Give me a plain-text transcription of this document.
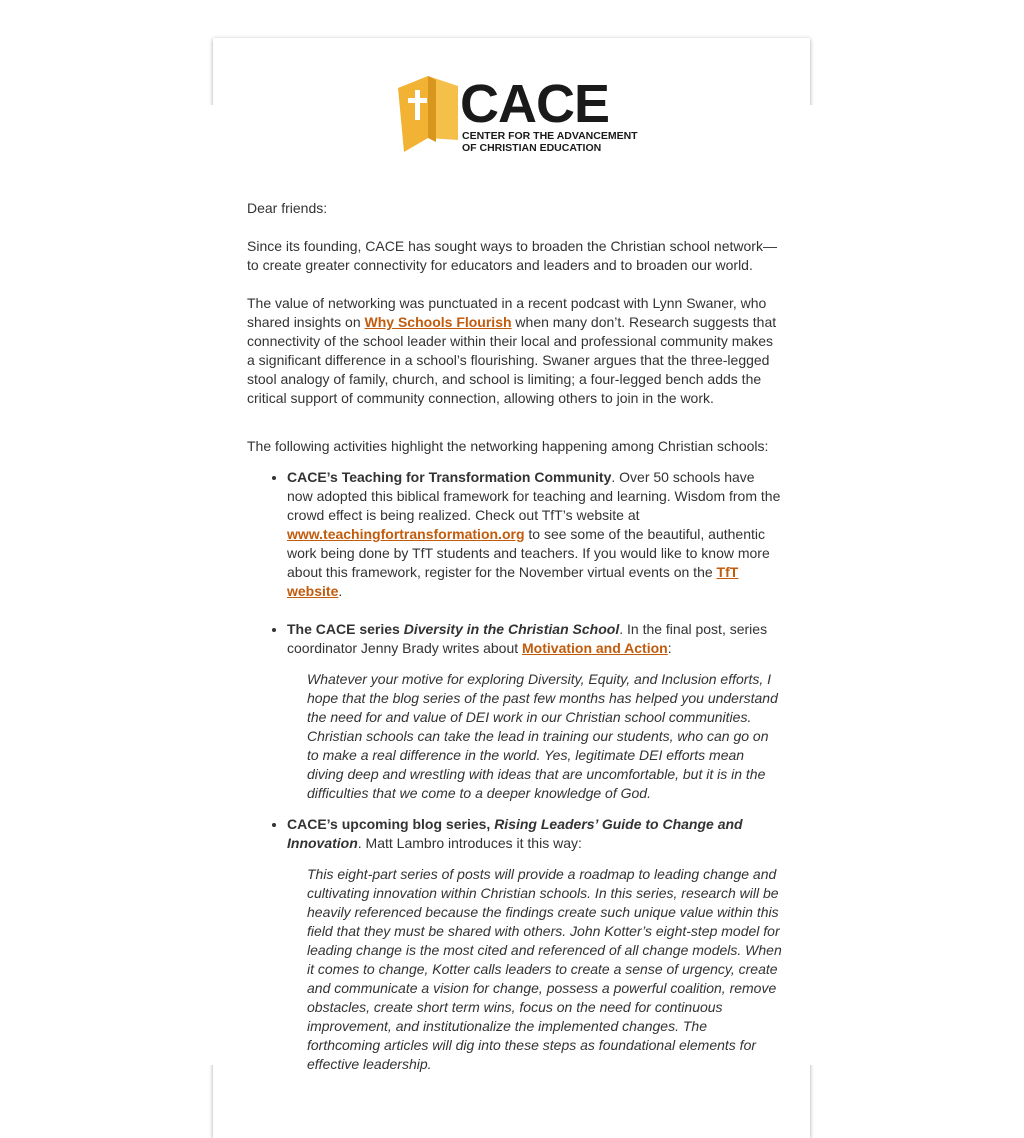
CACE
CENTER FOR THE ADVANCEMENT
OF CHRISTIAN EDUCATION

Dear friends:

Since its founding, CACE has sought ways to broaden the Christian school network—to create greater connectivity for educators and leaders and to broaden our world.

The value of networking was punctuated in a recent podcast with Lynn Swaner, who shared insights on Why Schools Flourish when many don’t. Research suggests that connectivity of the school leader within their local and professional community makes a significant difference in a school’s flourishing. Swaner argues that the three-legged stool analogy of family, church, and school is limiting; a four-legged bench adds the critical support of community connection, allowing others to join in the work.

The following activities highlight the networking happening among Christian schools:

• CACE’s Teaching for Transformation Community. Over 50 schools have now adopted this biblical framework for teaching and learning. Wisdom from the crowd effect is being realized. Check out TfT’s website at www.teachingfortransformation.org to see some of the beautiful, authentic work being done by TfT students and teachers. If you would like to know more about this framework, register for the November virtual events on the TfT website.
• The CACE series Diversity in the Christian School. In the final post, series coordinator Jenny Brady writes about Motivation and Action:
Whatever your motive for exploring Diversity, Equity, and Inclusion efforts, I hope that the blog series of the past few months has helped you understand the need for and value of DEI work in our Christian school communities. Christian schools can take the lead in training our students, who can go on to make a real difference in the world. Yes, legitimate DEI efforts mean diving deep and wrestling with ideas that are uncomfortable, but it is in the difficulties that we come to a deeper knowledge of God.
• CACE’s upcoming blog series, Rising Leaders’ Guide to Change and Innovation. Matt Lambro introduces it this way:
This eight-part series of posts will provide a roadmap to leading change and cultivating innovation within Christian schools. In this series, research will be heavily referenced because the findings create such unique value within this field that they must be shared with others. John Kotter’s eight-step model for leading change is the most cited and referenced of all change models. When it comes to change, Kotter calls leaders to create a sense of urgency, create and communicate a vision for change, possess a powerful coalition, remove obstacles, create short term wins, focus on the need for continuous improvement, and institutionalize the implemented changes. The forthcoming articles will dig into these steps as foundational elements for effective leadership.
